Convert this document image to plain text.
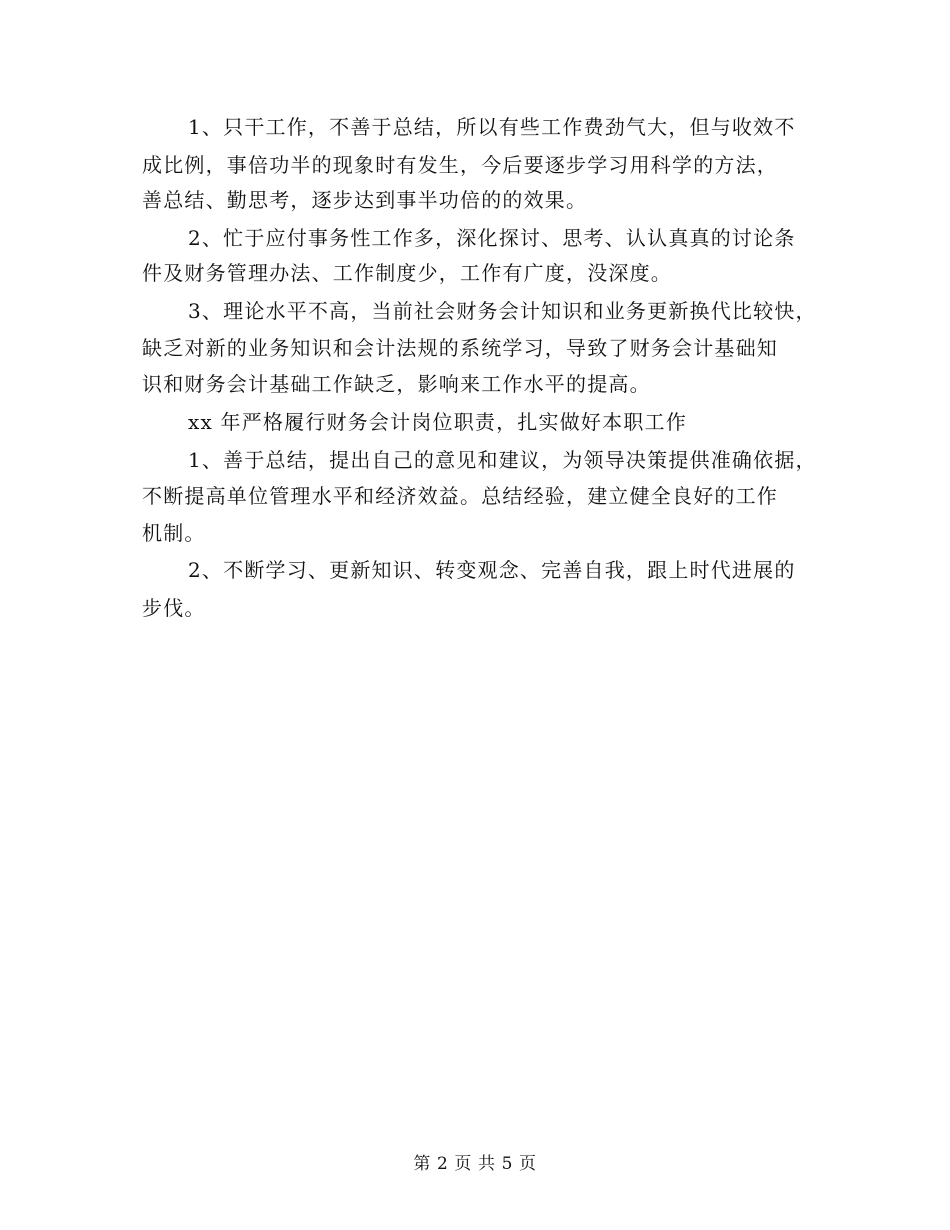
1、只干工作，不善于总结，所以有些工作费劲气大，但与收效不
成比例，事倍功半的现象时有发生，今后要逐步学习用科学的方法，
善总结、勤思考，逐步达到事半功倍的的效果。
2、忙于应付事务性工作多，深化探讨、思考、认认真真的讨论条
件及财务管理办法、工作制度少，工作有广度，没深度。
3、理论水平不高，当前社会财务会计知识和业务更新换代比较快，
缺乏对新的业务知识和会计法规的系统学习，导致了财务会计基础知
识和财务会计基础工作缺乏，影响来工作水平的提高。
xx 年严格履行财务会计岗位职责，扎实做好本职工作
1、善于总结，提出自己的意见和建议，为领导决策提供准确依据，
不断提高单位管理水平和经济效益。总结经验，建立健全良好的工作
机制。
2、不断学习、更新知识、转变观念、完善自我，跟上时代进展的
步伐。
第 2 页 共 5 页
